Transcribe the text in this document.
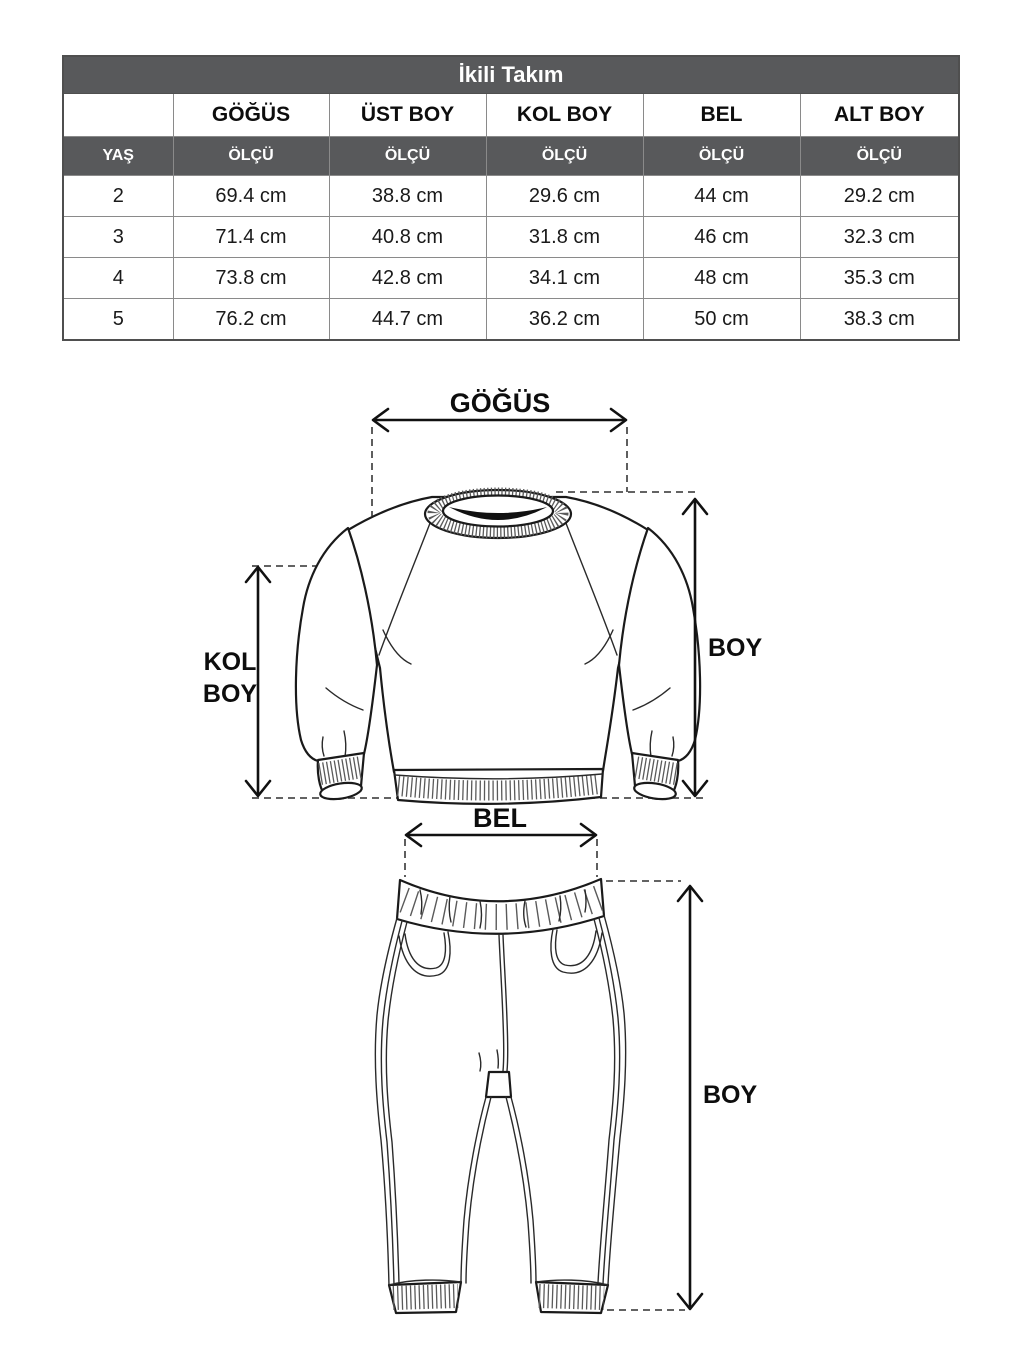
İkili Takım					
	GÖĞÜS	ÜST BOY	KOL BOY	BEL	ALT BOY
YAŞ	ÖLÇÜ	ÖLÇÜ	ÖLÇÜ	ÖLÇÜ	ÖLÇÜ
2	69.4 cm	38.8 cm	29.6 cm	44 cm	29.2 cm
3	71.4 cm	40.8 cm	31.8 cm	46 cm	32.3 cm
4	73.8 cm	42.8 cm	34.1 cm	48 cm	35.3 cm
5	76.2 cm	44.7 cm	36.2 cm	50 cm	38.3 cm
GÖĞÜS
KOL
BOY
BOY
BEL
BOY
